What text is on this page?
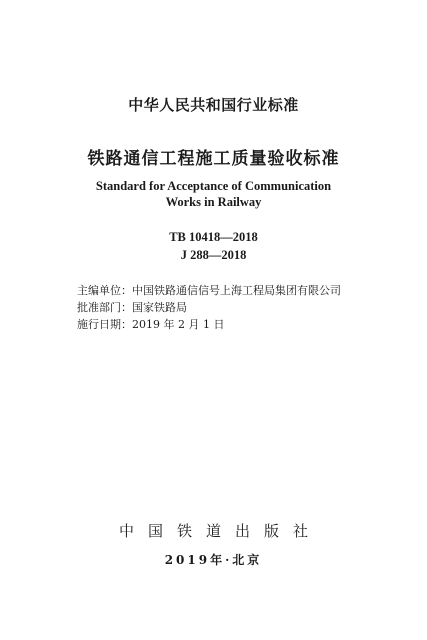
中华人民共和国行业标准
铁路通信工程施工质量验收标准
Standard for Acceptance of Communication
Works in Railway
TB 10418—2018
J 288—2018
主编单位：中国铁路通信信号上海工程局集团有限公司
批准部门：国家铁路局
施行日期：2019 年 2 月 1 日
中国铁道出版社
2019年·北京
